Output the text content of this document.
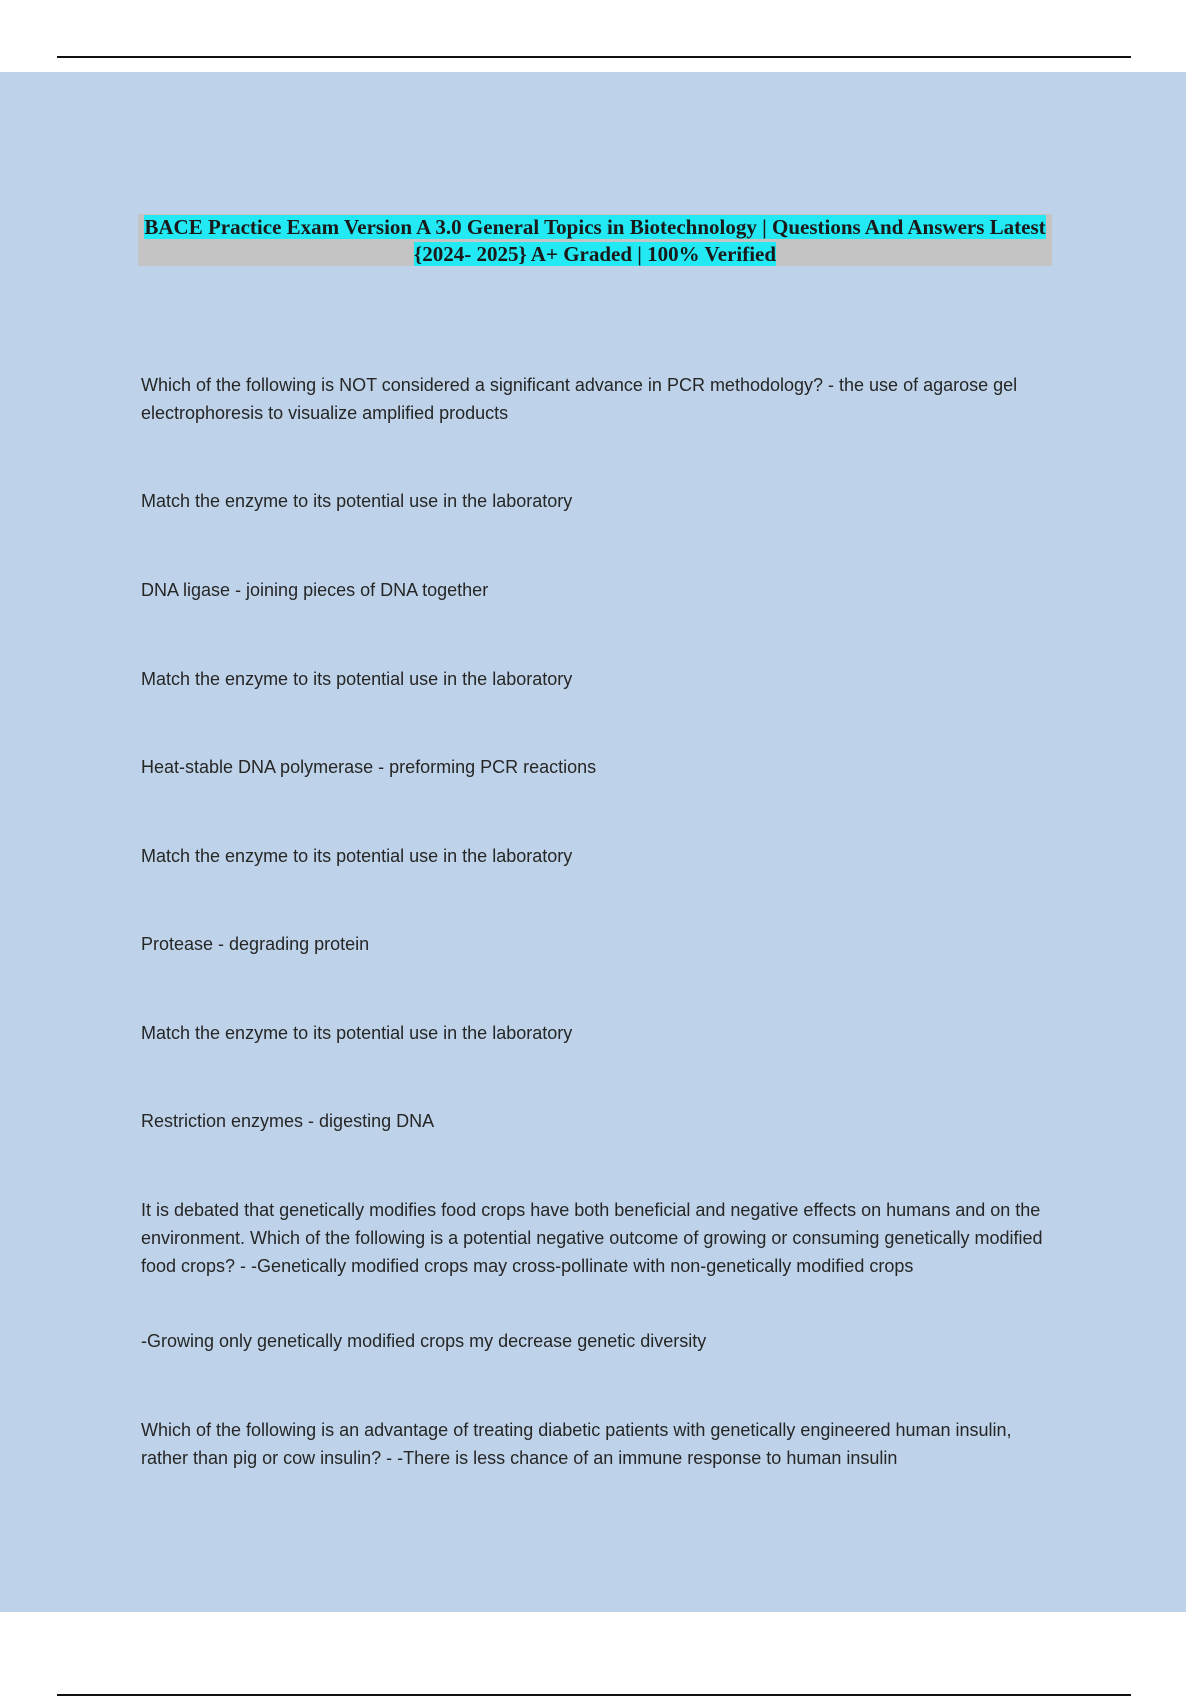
BACE Practice Exam Version A 3.0 General Topics in Biotechnology | Questions And Answers Latest {2024- 2025} A+ Graded | 100% Verified

Which of the following is NOT considered a significant advance in PCR methodology? - the use of agarose gel electrophoresis to visualize amplified products

Match the enzyme to its potential use in the laboratory

DNA ligase - joining pieces of DNA together

Match the enzyme to its potential use in the laboratory

Heat-stable DNA polymerase - preforming PCR reactions

Match the enzyme to its potential use in the laboratory

Protease - degrading protein

Match the enzyme to its potential use in the laboratory

Restriction enzymes - digesting DNA

It is debated that genetically modifies food crops have both beneficial and negative effects on humans and on the environment. Which of the following is a potential negative outcome of growing or consuming genetically modified food crops? - -Genetically modified crops may cross-pollinate with non-genetically modified crops

-Growing only genetically modified crops my decrease genetic diversity

Which of the following is an advantage of treating diabetic patients with genetically engineered human insulin, rather than pig or cow insulin? - -There is less chance of an immune response to human insulin
